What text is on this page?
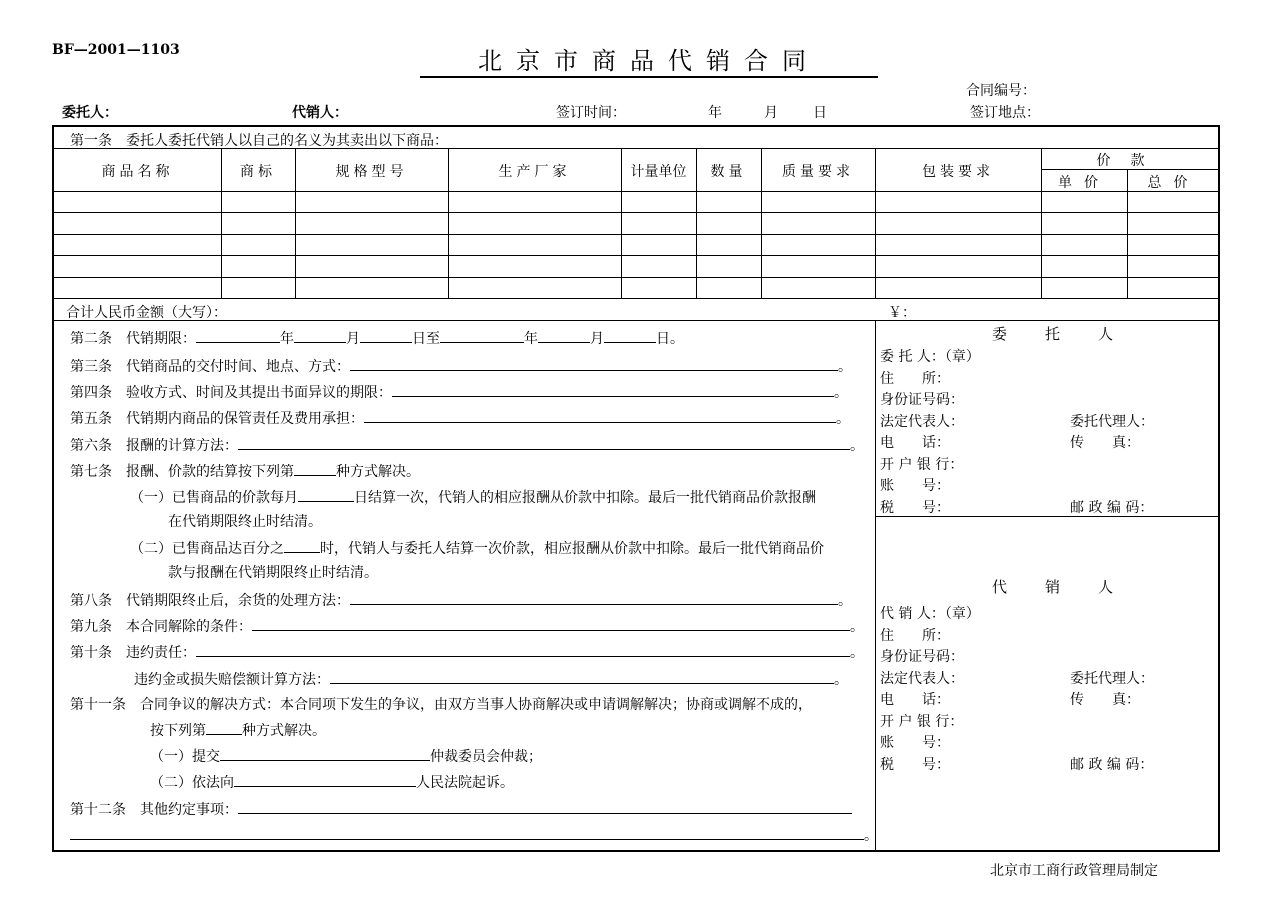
BF—2001—1103	北京市商品代销合同
合同编号：
委托人：	代销人：	签订时间：	年	月	日	签订地点：
第一条　委托人委托代销人以自己的名义为其卖出以下商品：
商品名称	商标	规格型号	生产厂家	计量单位	数量	质量要求	包装要求
价款
单价	总价
合计人民币金额（大写）：	￥：
第二条　代销期限：	年	月	日至	年	月	日。
第三条　代销商品的交付时间、地点、方式：	。
第四条　验收方式、时间及其提出书面异议的期限：	。
第五条　代销期内商品的保管责任及费用承担：	。
第六条　报酬的计算方法：	。
第七条　报酬、价款的结算按下列第	种方式解决。
（一）已售商品的价款每月	日结算一次，代销人的相应报酬从价款中扣除。最后一批代销商品价款报酬
在代销期限终止时结清。
（二）已售商品达百分之	时，代销人与委托人结算一次价款，相应报酬从价款中扣除。最后一批代销商品价
款与报酬在代销期限终止时结清。
第八条　代销期限终止后，余货的处理方法：	。
第九条　本合同解除的条件：	。
第十条　违约责任：	。
违约金或损失赔偿额计算方法：	。
第十一条　合同争议的解决方式：本合同项下发生的争议，由双方当事人协商解决或申请调解解决；协商或调解不成的，
按下列第	种方式解决。
（一）提交	仲裁委员会仲裁；
（二）依法向	人民法院起诉。
第十二条　其他约定事项：
。
委托人
委 托 人：（章）
住　　所：
身份证号码：
法定代表人：	委托代理人：
电　　话：	传　　真：
开 户 银 行：
账　　号：
税　　号：	邮 政 编 码：
代销人
代 销 人：（章）
住　　所：
身份证号码：
法定代表人：	委托代理人：
电　　话：	传　　真：
开 户 银 行：
账　　号：
税　　号：	邮 政 编 码：
北京市工商行政管理局制定
